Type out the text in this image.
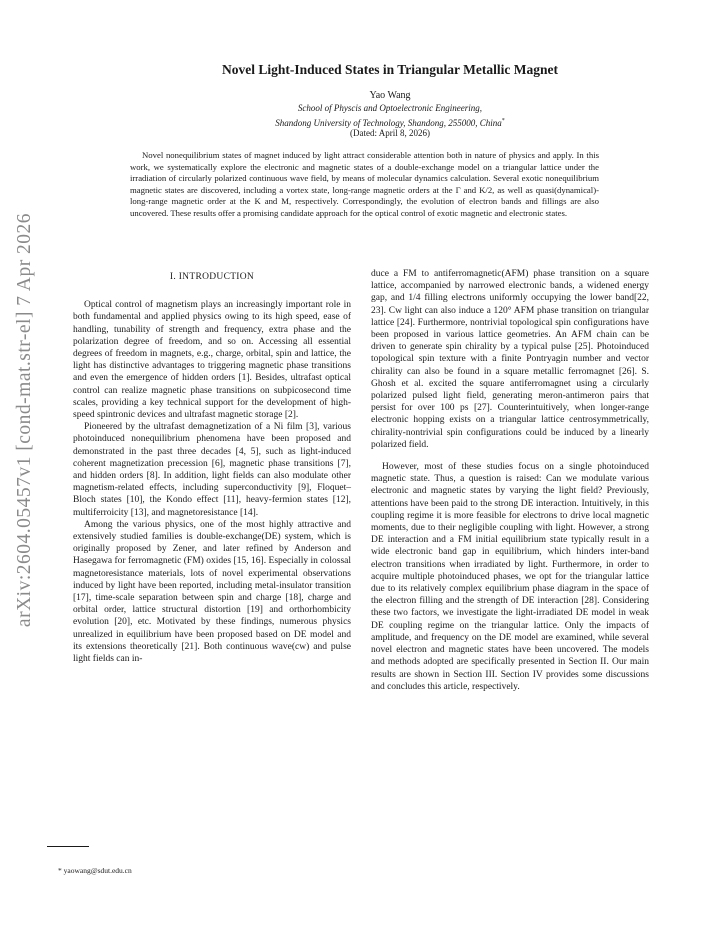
arXiv:2604.05457v1 [cond-mat.str-el] 7 Apr 2026
Novel Light-Induced States in Triangular Metallic Magnet
Yao Wang
School of Physcis and Optoelectronic Engineering,
Shandong University of Technology, Shandong, 255000, China*
(Dated: April 8, 2026)

Novel nonequilibrium states of magnet induced by light attract considerable attention both in nature of physics and apply. In this work, we systematically explore the electronic and magnetic states of a double-exchange model on a triangular lattice under the irradiation of circularly polarized continuous wave field, by means of molecular dynamics calculation. Several exotic nonequilibrium magnetic states are discovered, including a vortex state, long-range magnetic orders at the Γ and K/2, as well as quasi(dynamical)-long-range magnetic order at the K and M, respectively. Correspondingly, the evolution of electron bands and fillings are also uncovered. These results offer a promising candidate approach for the optical control of exotic magnetic and electronic states.

I. INTRODUCTION

Optical control of magnetism plays an increasingly important role in both fundamental and applied physics owing to its high speed, ease of handling, tunability of strength and frequency, extra phase and the polarization degree of freedom, and so on. Accessing all essential degrees of freedom in magnets, e.g., charge, orbital, spin and lattice, the light has distinctive advantages to triggering magnetic phase transitions and even the emergence of hidden orders [1]. Besides, ultrafast optical control can realize magnetic phase transitions on subpicosecond time scales, providing a key technical support for the development of high-speed spintronic devices and ultrafast magnetic storage [2].

Pioneered by the ultrafast demagnetization of a Ni film [3], various photoinduced nonequilibrium phenomena have been proposed and demonstrated in the past three decades [4, 5], such as light-induced coherent magnetization precession [6], magnetic phase transitions [7], and hidden orders [8]. In addition, light fields can also modulate other magnetism-related effects, including superconductivity [9], Floquet–Bloch states [10], the Kondo effect [11], heavy-fermion states [12], multiferroicity [13], and magnetoresistance [14].

Among the various physics, one of the most highly attractive and extensively studied families is double-exchange(DE) system, which is originally proposed by Zener, and later refined by Anderson and Hasegawa for ferromagnetic (FM) oxides [15, 16]. Especially in colossal magnetoresistance materials, lots of novel experimental observations induced by light have been reported, including metal-insulator transition [17], time-scale separation between spin and charge [18], charge and orbital order, lattice structural distortion [19] and orthorhombicity evolution [20], etc. Motivated by these findings, numerous physics unrealized in equilibrium have been proposed based on DE model and its extensions theoretically [21]. Both continuous wave(cw) and pulse light fields can in-

duce a FM to antiferromagnetic(AFM) phase transition on a square lattice, accompanied by narrowed electronic bands, a widened energy gap, and 1/4 filling electrons uniformly occupying the lower band[22, 23]. Cw light can also induce a 120° AFM phase transition on triangular lattice [24]. Furthermore, nontrivial topological spin configurations have been proposed in various lattice geometries. An AFM chain can be driven to generate spin chirality by a typical pulse [25]. Photoinduced topological spin texture with a finite Pontryagin number and vector chirality can also be found in a square metallic ferromagnet [26]. S. Ghosh et al. excited the square antiferromagnet using a circularly polarized pulsed light field, generating meron-antimeron pairs that persist for over 100 ps [27]. Counterintuitively, when longer-range electronic hopping exists on a triangular lattice centrosymmetrically, chirality-nontrivial spin configurations could be induced by a linearly polarized field.

However, most of these studies focus on a single photoinduced magnetic state. Thus, a question is raised: Can we modulate various electronic and magnetic states by varying the light field? Previously, attentions have been paid to the strong DE interaction. Intuitively, in this coupling regime it is more feasible for electrons to drive local magnetic moments, due to their negligible coupling with light. However, a strong DE interaction and a FM initial equilibrium state typically result in a wide electronic band gap in equilibrium, which hinders inter-band electron transitions when irradiated by light. Furthermore, in order to acquire multiple photoinduced phases, we opt for the triangular lattice due to its relatively complex equilibrium phase diagram in the space of the electron filling and the strength of DE interaction [28]. Considering these two factors, we investigate the light-irradiated DE model in weak DE coupling regime on the triangular lattice. Only the impacts of amplitude, and frequency on the DE model are examined, while several novel electron and magnetic states have been uncovered. The models and methods adopted are specifically presented in Section II. Our main results are shown in Section III. Section IV provides some discussions and concludes this article, respectively.

* yaowang@sdut.edu.cn
